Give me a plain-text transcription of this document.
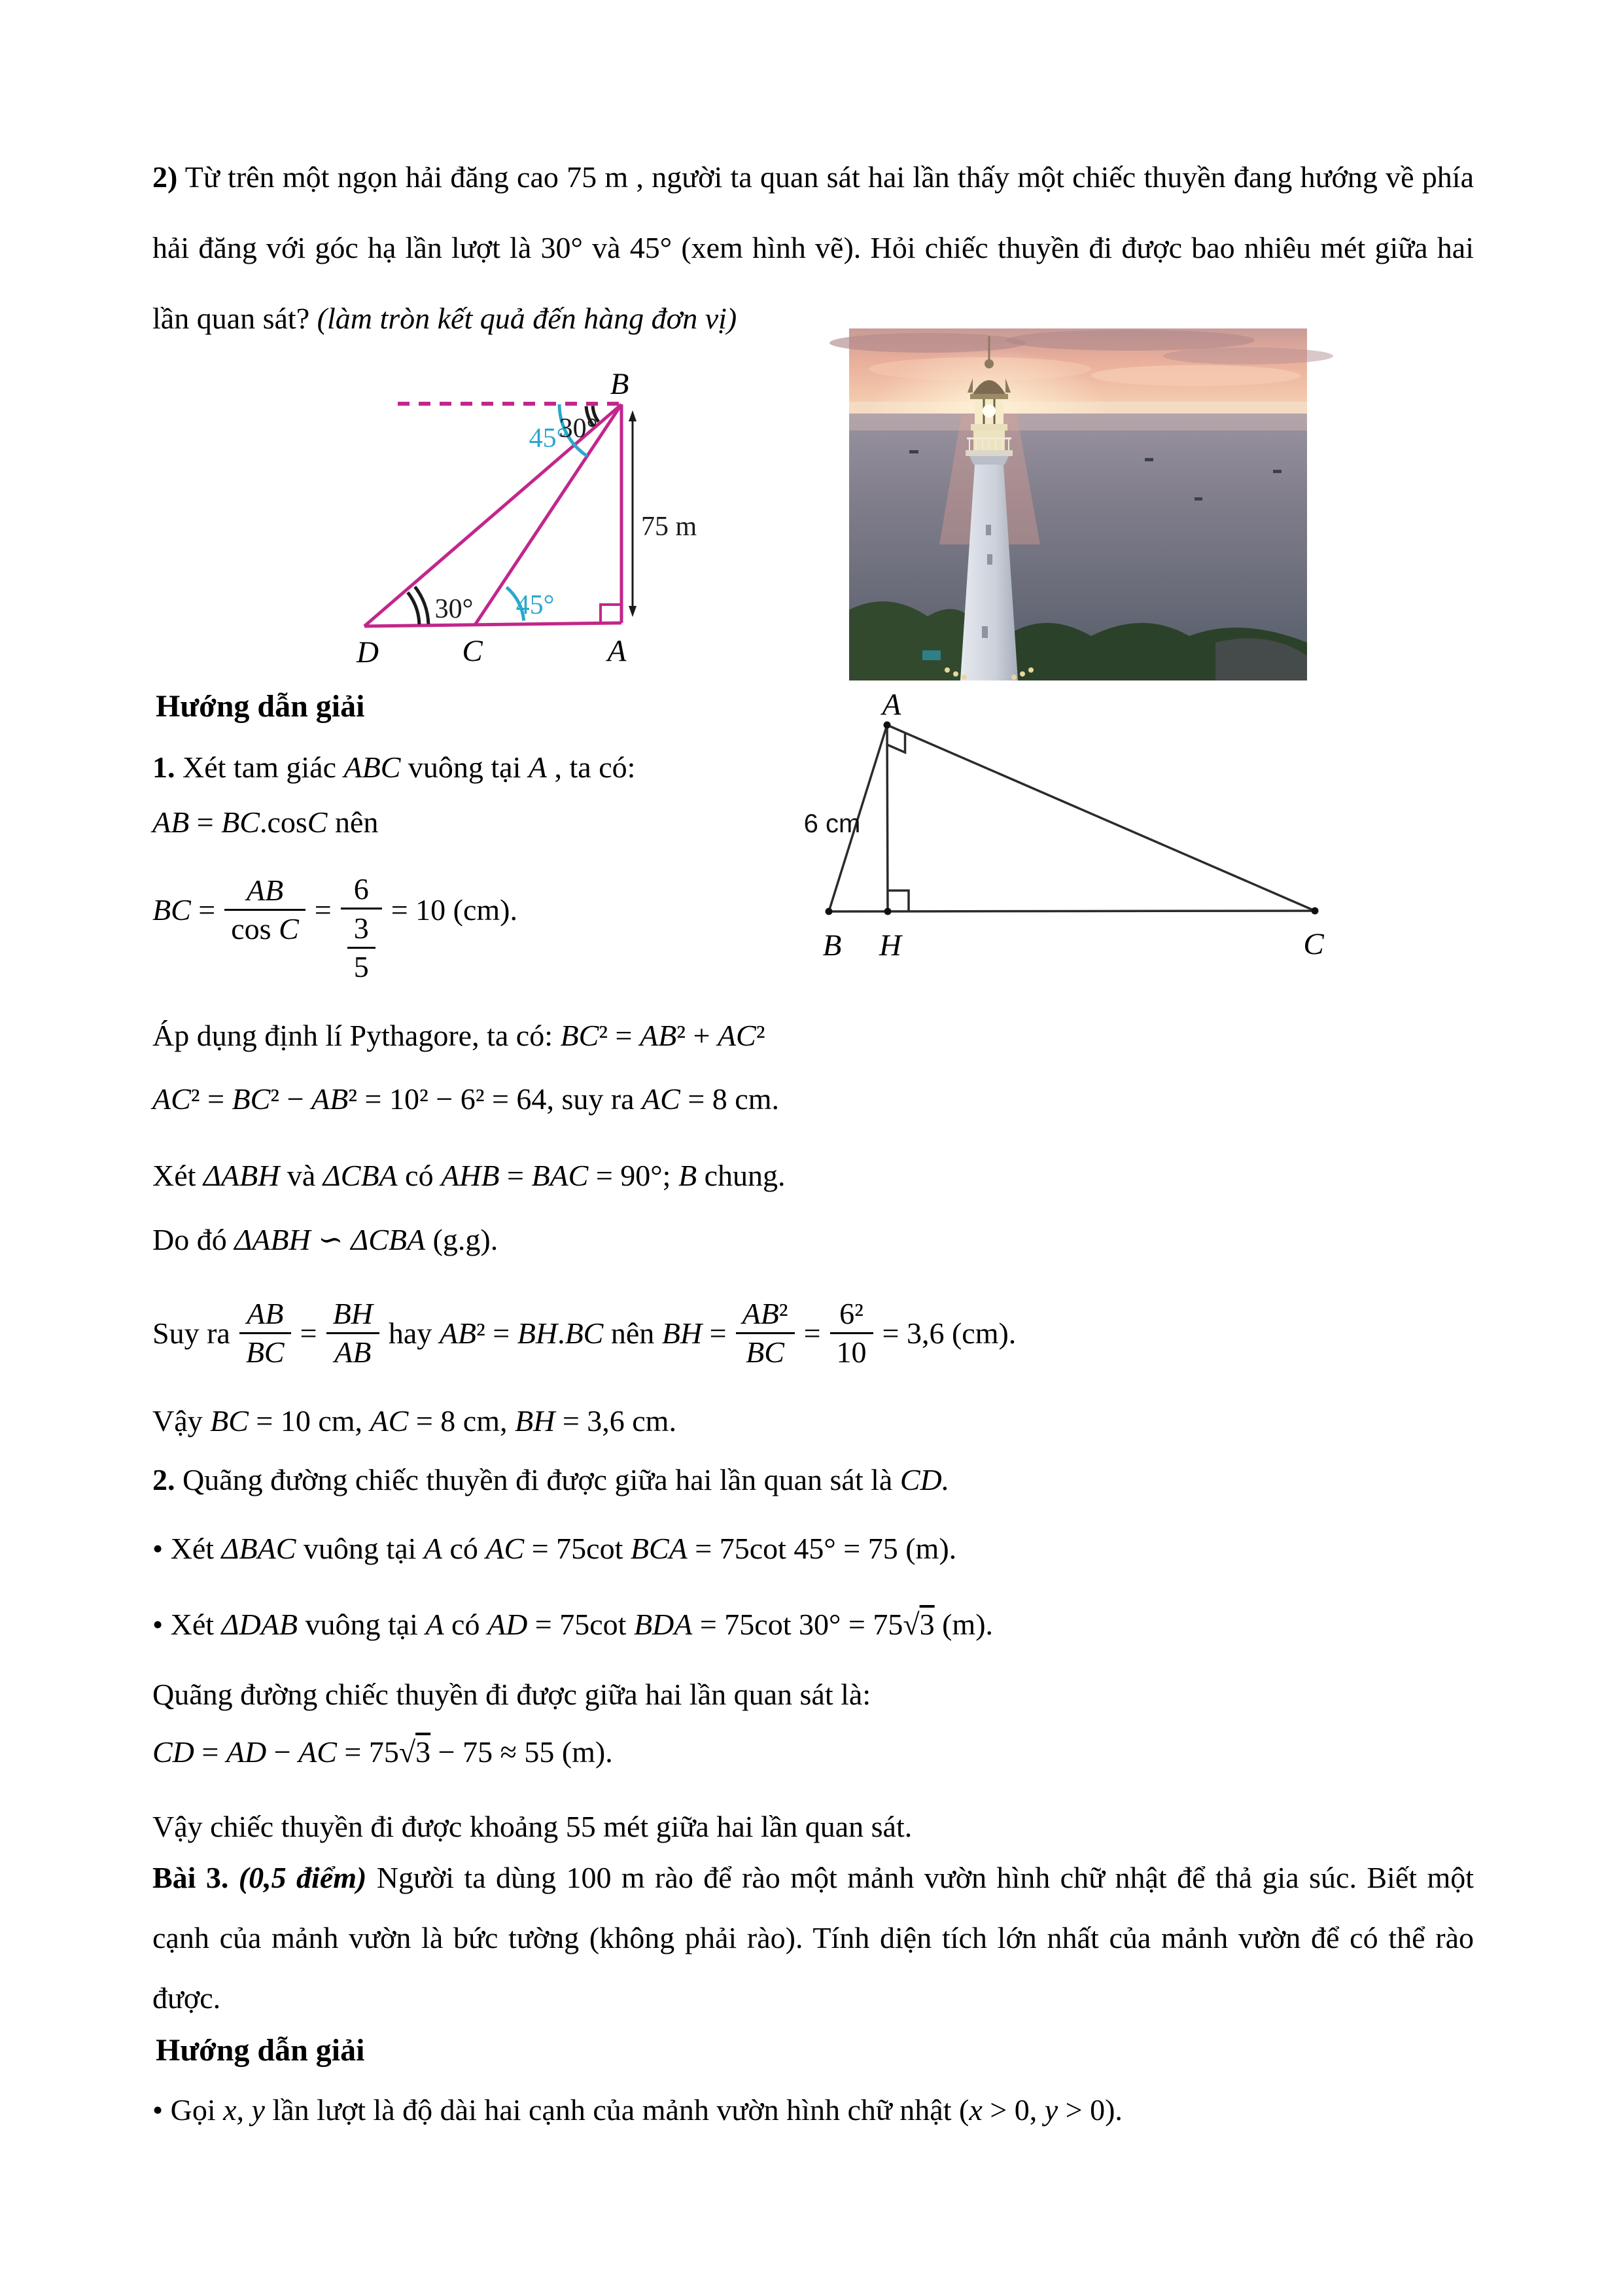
2) Từ trên một ngọn hải đăng cao 75 m , người ta quan sát hai lần thấy một chiếc thuyền đang hướng về phía hải đăng với góc hạ lần lượt là 30° và 45° (xem hình vẽ). Hỏi chiếc thuyền đi được bao nhiêu mét giữa hai lần quan sát? (làm tròn kết quả đến hàng đơn vị)
B
D	C	A
75 m
45°
30°
30° 45°
Hướng dẫn giải
1. Xét tam giác ABC vuông tại A , ta có:
AB = BC.cosC nên
BC = $\frac{AB}{\text{cos C}} = \frac{6}{\frac{3}{5}} = 10$ (cm).
Áp dụng định lí Pythagore, ta có: BC² = AB² + AC²
AC² = BC² − AB² = 10² − 6² = 64, suy ra AC = 8 cm.
A
B H	C
6 cm
Xét ΔABH và ΔCBA có AHB = BAC = 90°; B chung.
Do đó ΔABH ∽ ΔCBA (g.g).
Suy ra $\frac{AB}{BC} = \frac{BH}{AB}$ hay AB² = BH.BC nên BH = $\frac{\text{AB²}}{BC} = \frac{\text{6²}}{10} = 3,6$ (cm).
Vậy BC = 10 cm, AC = 8 cm, BH = 3,6 cm.
2. Quãng đường chiếc thuyền đi được giữa hai lần quan sát là CD.
• Xét ΔBAC vuông tại A có AC = 75cot BCA = 75cot 45° = 75 (m).
• Xét ΔDAB vuông tại A có AD = 75cot BDA = 75cot 30° = 75√3 (m).
Quãng đường chiếc thuyền đi được giữa hai lần quan sát là:
CD = AD − AC = 75√3 − 75 ≈ 55 (m).
Vậy chiếc thuyền đi được khoảng 55 mét giữa hai lần quan sát.
Bài 3. (0,5 điểm) Người ta dùng 100 m rào để rào một mảnh vườn hình chữ nhật để thả gia súc. Biết một cạnh của mảnh vườn là bức tường (không phải rào). Tính diện tích lớn nhất của mảnh vườn để có thể rào được.
Hướng dẫn giải
• Gọi x, y lần lượt là độ dài hai cạnh của mảnh vườn hình chữ nhật (x > 0, y > 0).
